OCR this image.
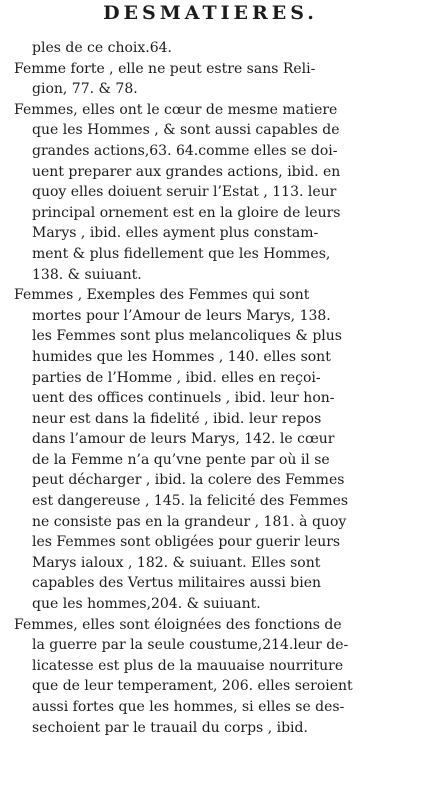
DESMATIERES.
ples de ce choix.64.
Femme forte , elle ne peut estre sans Reli-
gion, 77. & 78.
Femmes, elles ont le cœur de mesme matiere
que les Hommes , & sont aussi capables de
grandes actions,63. 64.comme elles se doi-
uent preparer aux grandes actions, ibid. en
quoy elles doiuent seruir l’Estat , 113. leur
principal ornement est en la gloire de leurs
Marys , ibid. elles ayment plus constam-
ment & plus fidellement que les Hommes,
138. & suiuant.
Femmes , Exemples des Femmes qui sont
mortes pour l’Amour de leurs Marys, 138.
les Femmes sont plus melancoliques & plus
humides que les Hommes , 140. elles sont
parties de l’Homme , ibid. elles en reçoi-
uent des offices continuels , ibid. leur hon-
neur est dans la fidelité , ibid. leur repos
dans l’amour de leurs Marys, 142. le cœur
de la Femme n’a qu’vne pente par où il se
peut décharger , ibid. la colere des Femmes
est dangereuse , 145. la felicité des Femmes
ne consiste pas en la grandeur , 181. à quoy
les Femmes sont obligées pour guerir leurs
Marys ialoux , 182. & suiuant. Elles sont
capables des Vertus militaires aussi bien
que les hommes,204. & suiuant.
Femmes, elles sont éloignées des fonctions de
la guerre par la seule coustume,214.leur de-
licatesse est plus de la mauuaise nourriture
que de leur temperament, 206. elles seroient
aussi fortes que les hommes, si elles se des-
sechoient par le trauail du corps , ibid.
